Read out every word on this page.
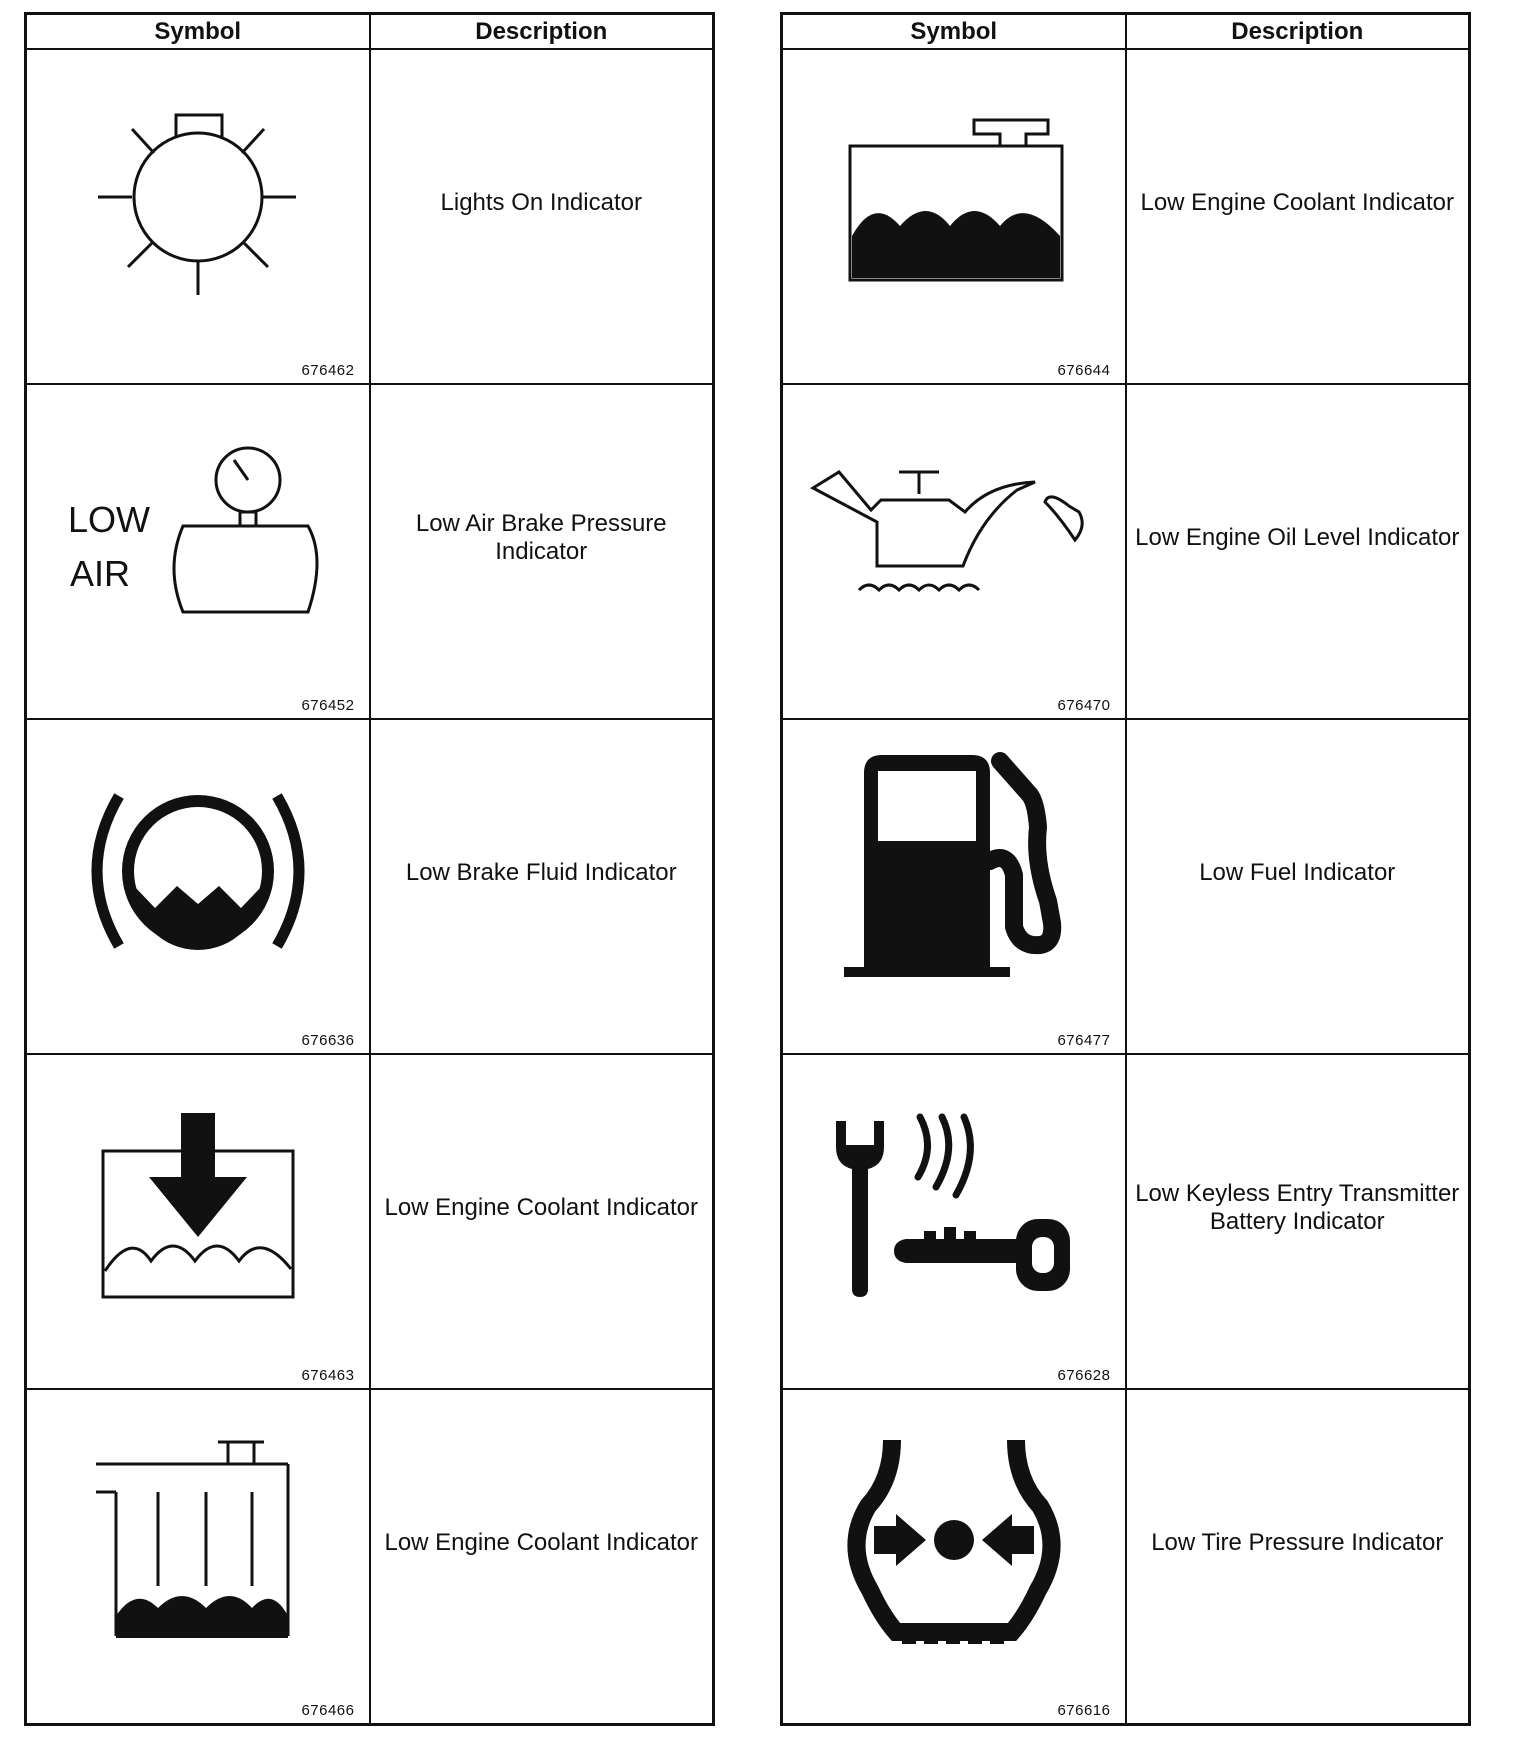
Symbol	Description

676462	Lights On Indicator

LOW
AIR
676452	Low Air Brake Pressure Indicator

676636	Low Brake Fluid Indicator

676463	Low Engine Coolant Indicator

676466	Low Engine Coolant Indicator
Symbol	Description

676644	Low Engine Coolant Indicator

676470	Low Engine Oil Level Indicator

676477	Low Fuel Indicator

676628	Low Keyless Entry Transmitter Battery Indicator

676616	Low Tire Pressure Indicator
